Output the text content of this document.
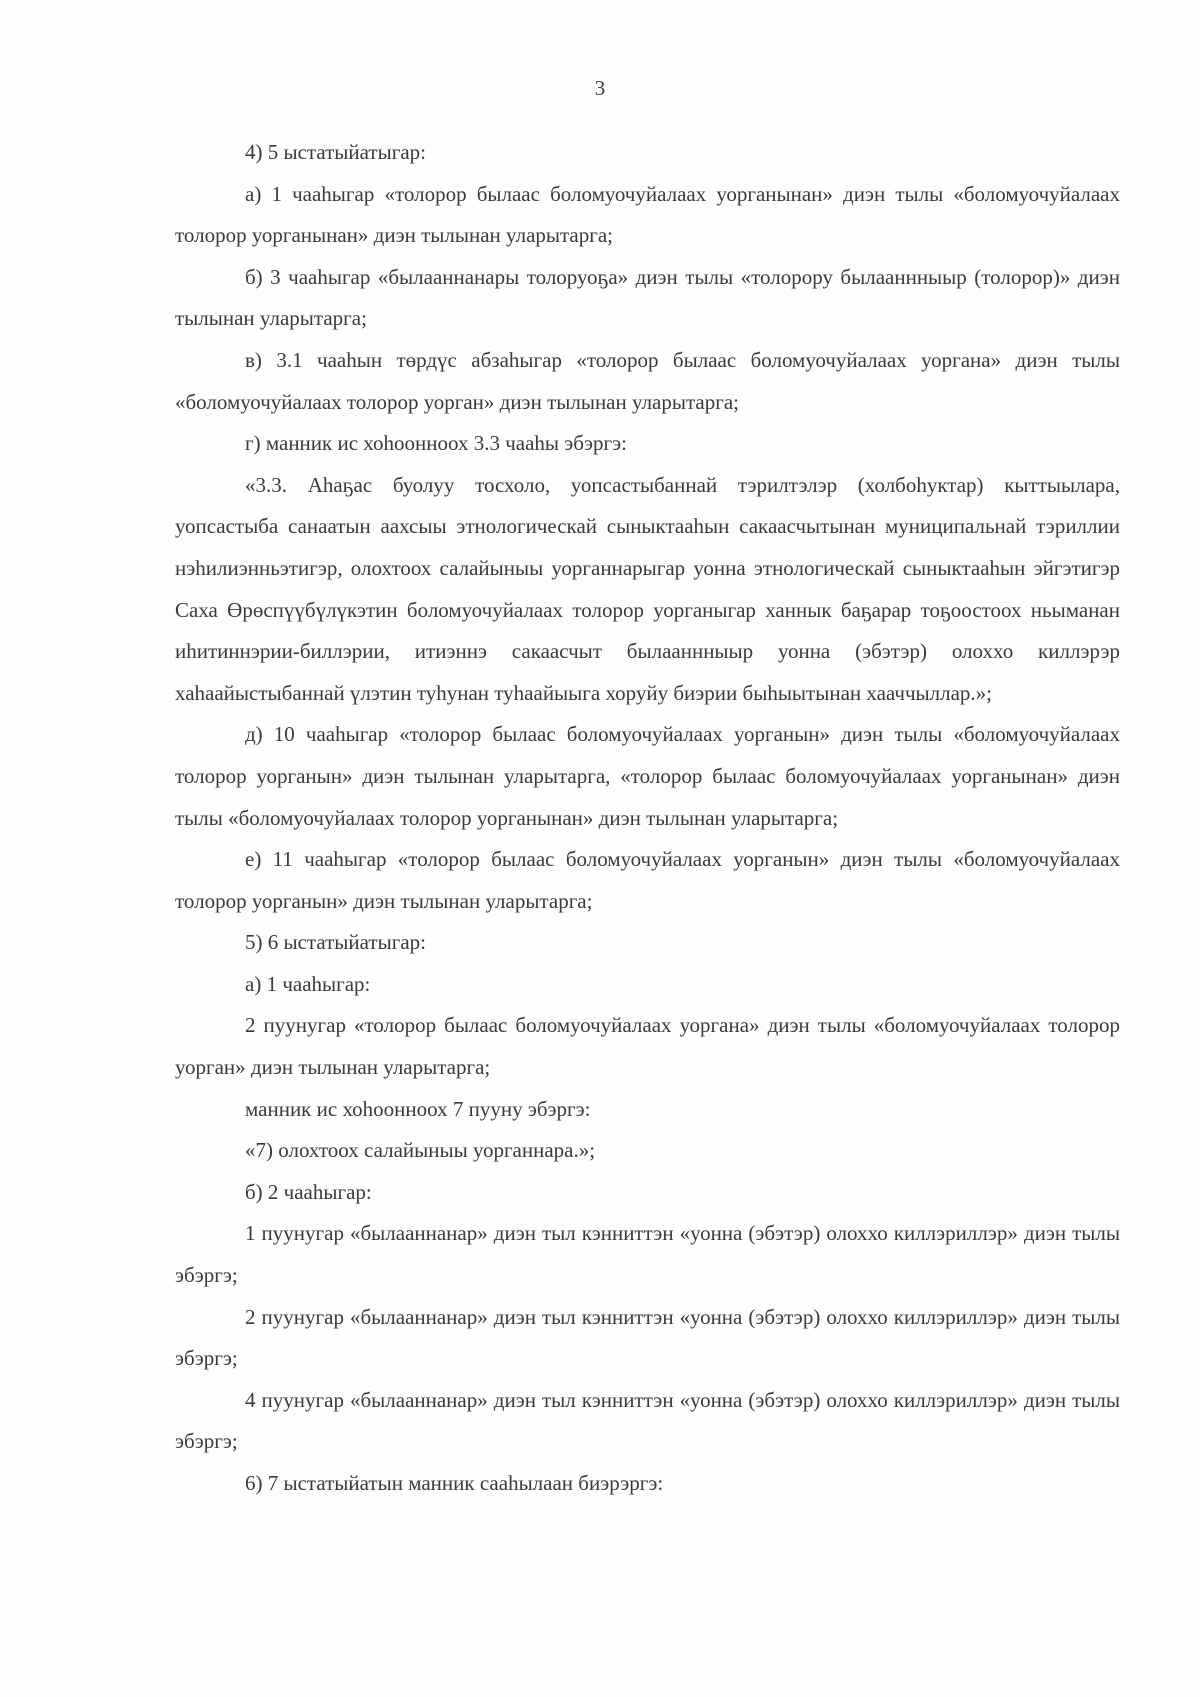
3

4) 5 ыстатыйатыгар:

а) 1 чааһыгар «толорор былаас боломуочуйалаах уорганынан» диэн тылы «боломуочуйалаах толорор уорганынан» диэн тылынан уларытарга;

б) 3 чааһыгар «былааннанары толоруоҕа» диэн тылы «толорору былааннныыр (толорор)» диэн тылынан уларытарга;

в) 3.1 чааһын төрдүс абзаһыгар «толорор былаас боломуочуйалаах уоргана» диэн тылы «боломуочуйалаах толорор уорган» диэн тылынан уларытарга;

г) манник ис хоһоонноох 3.3 чааһы эбэргэ:

«3.3. Аһаҕас буолуу тосхоло, уопсастыбаннай тэрилтэлэр (холбоһуктар) кыттыылара, уопсастыба санаатын аахсыы этнологическай сыныктааһын сакаасчытынан муниципальнай тэриллии нэһилиэнньэтигэр, олохтоох салайыныы уорганнарыгар уонна этнологическай сыныктааһын эйгэтигэр Саха Өрөспүүбүлүкэтин боломуочуйалаах толорор уорганыгар ханнык баҕарар тоҕоостоох ньыманан иһитиннэрии-биллэрии, итиэннэ сакаасчыт былааннныыр уонна (эбэтэр) олоххо киллэрэр хаһаайыстыбаннай үлэтин туһунан туһаайыыга хоруйу биэрии быһыытынан хааччыллар.»;

д) 10 чааһыгар «толорор былаас боломуочуйалаах уорганын» диэн тылы «боломуочуйалаах толорор уорганын» диэн тылынан уларытарга, «толорор былаас боломуочуйалаах уорганынан» диэн тылы «боломуочуйалаах толорор уорганынан» диэн тылынан уларытарга;

е) 11 чааһыгар «толорор былаас боломуочуйалаах уорганын» диэн тылы «боломуочуйалаах толорор уорганын» диэн тылынан уларытарга;

5) 6 ыстатыйатыгар:

а) 1 чааһыгар:

2 пуунугар «толорор былаас боломуочуйалаах уоргана» диэн тылы «боломуочуйалаах толорор уорган» диэн тылынан уларытарга;

манник ис хоһоонноох 7 пууну эбэргэ:

«7) олохтоох салайыныы уорганнара.»;

б) 2 чааһыгар:

1 пуунугар «былааннанар» диэн тыл кэнниттэн «уонна (эбэтэр) олоххо киллэриллэр» диэн тылы эбэргэ;

2 пуунугар «былааннанар» диэн тыл кэнниттэн «уонна (эбэтэр) олоххо киллэриллэр» диэн тылы эбэргэ;

4 пуунугар «былааннанар» диэн тыл кэнниттэн «уонна (эбэтэр) олоххо киллэриллэр» диэн тылы эбэргэ;

6) 7 ыстатыйатын манник сааһылаан биэрэргэ:
